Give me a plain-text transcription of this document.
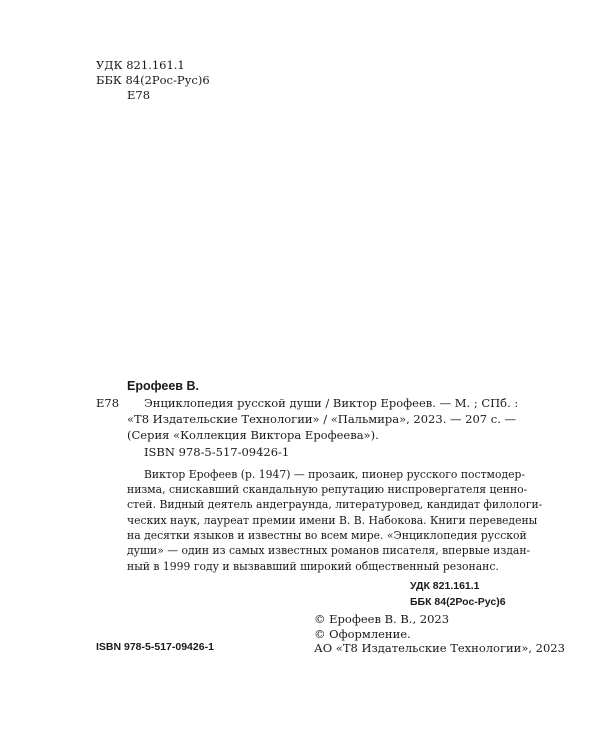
УДК 821.161.1
ББК 84(2Рос-Рус)6
Е78
Ерофеев В.
Е78 Энциклопедия русской души / Виктор Ерофеев. — М. ; СПб. :
«Т8 Издательские Технологии» / «Пальмира», 2023. — 207 с. —
(Серия «Коллекция Виктора Ерофеева»).
ISBN 978-5-517-09426-1
Виктор Ерофеев (р. 1947) — прозаик, пионер русского постмодер-
низма, снискавший скандальную репутацию ниспровергателя ценно-
стей. Видный деятель андеграунда, литературовед, кандидат филологи-
ческих наук, лауреат премии имени В. В. Набокова. Книги переведены
на десятки языков и известны во всем мире. «Энциклопедия русской
души» — один из самых известных романов писателя, впервые издан-
ный в 1999 году и вызвавший широкий общественный резонанс.
УДК 821.161.1
ББК 84(2Рос-Рус)6
ISBN 978-5-517-09426-1
© Ерофеев В. В., 2023
© Оформление.
АО «Т8 Издательские Технологии», 2023
